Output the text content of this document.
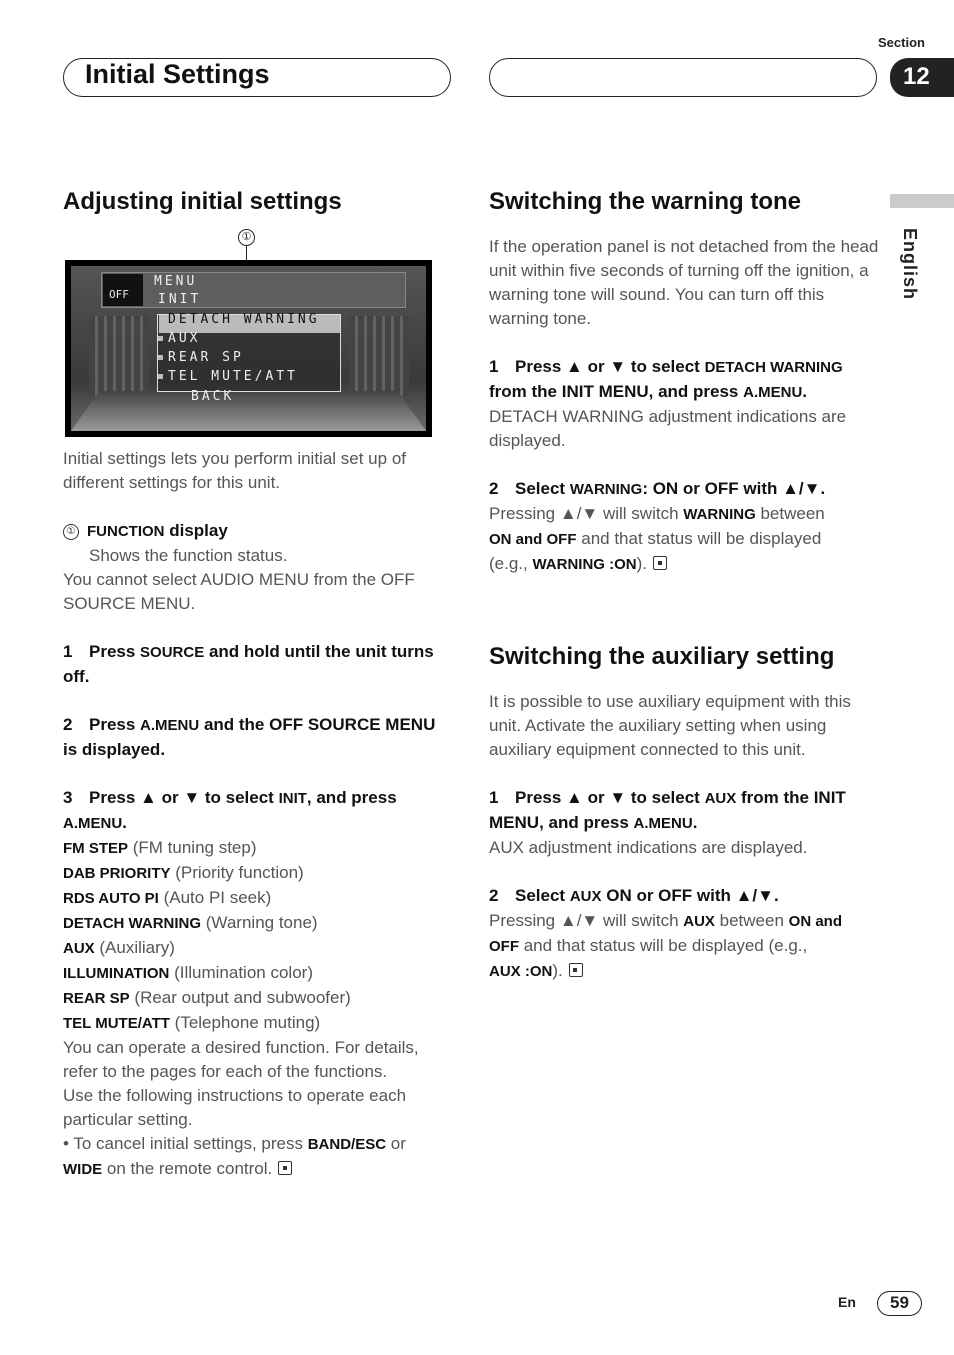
Initial Settings
Section
12
English
Adjusting initial settings
①
OFF
MENU
INIT
DETACH WARNING
AUX
REAR SP
TEL MUTE/ATT
BACK

Initial settings lets you perform initial set up of different settings for this unit.

① FUNCTION display

Shows the function status.

You cannot select AUDIO MENU from the OFF SOURCE MENU.

1 Press SOURCE and hold until the unit turns off.

2 Press A.MENU and the OFF SOURCE MENU is displayed.

3 Press ▲ or ▼ to select INIT, and press
A.MENU.

FM STEP (FM tuning step)

DAB PRIORITY (Priority function)

RDS AUTO PI (Auto PI seek)

DETACH WARNING (Warning tone)

AUX (Auxiliary)

ILLUMINATION (Illumination color)

REAR SP (Rear output and subwoofer)

TEL MUTE/ATT (Telephone muting)

You can operate a desired function. For details, refer to the pages for each of the functions.

Use the following instructions to operate each particular setting.

• To cancel initial settings, press BAND/ESC or
WIDE on the remote control.

Switching the warning tone

If the operation panel is not detached from the head unit within five seconds of turning off the ignition, a warning tone will sound. You can turn off this warning tone.

1 Press ▲ or ▼ to select DETACH WARNING
from the INIT MENU, and press A.MENU.

DETACH WARNING adjustment indications are displayed.

2 Select WARNING: ON or OFF with ▲/▼.

Pressing ▲/▼ will switch WARNING between
ON and OFF and that status will be displayed
(e.g., WARNING :ON).

Switching the auxiliary setting

It is possible to use auxiliary equipment with this unit. Activate the auxiliary setting when using auxiliary equipment connected to this unit.

1 Press ▲ or ▼ to select AUX from the INIT
MENU, and press A.MENU.

AUX adjustment indications are displayed.

2 Select AUX ON or OFF with ▲/▼.

Pressing ▲/▼ will switch AUX between ON and
OFF and that status will be displayed (e.g.,
AUX :ON).

En	59
